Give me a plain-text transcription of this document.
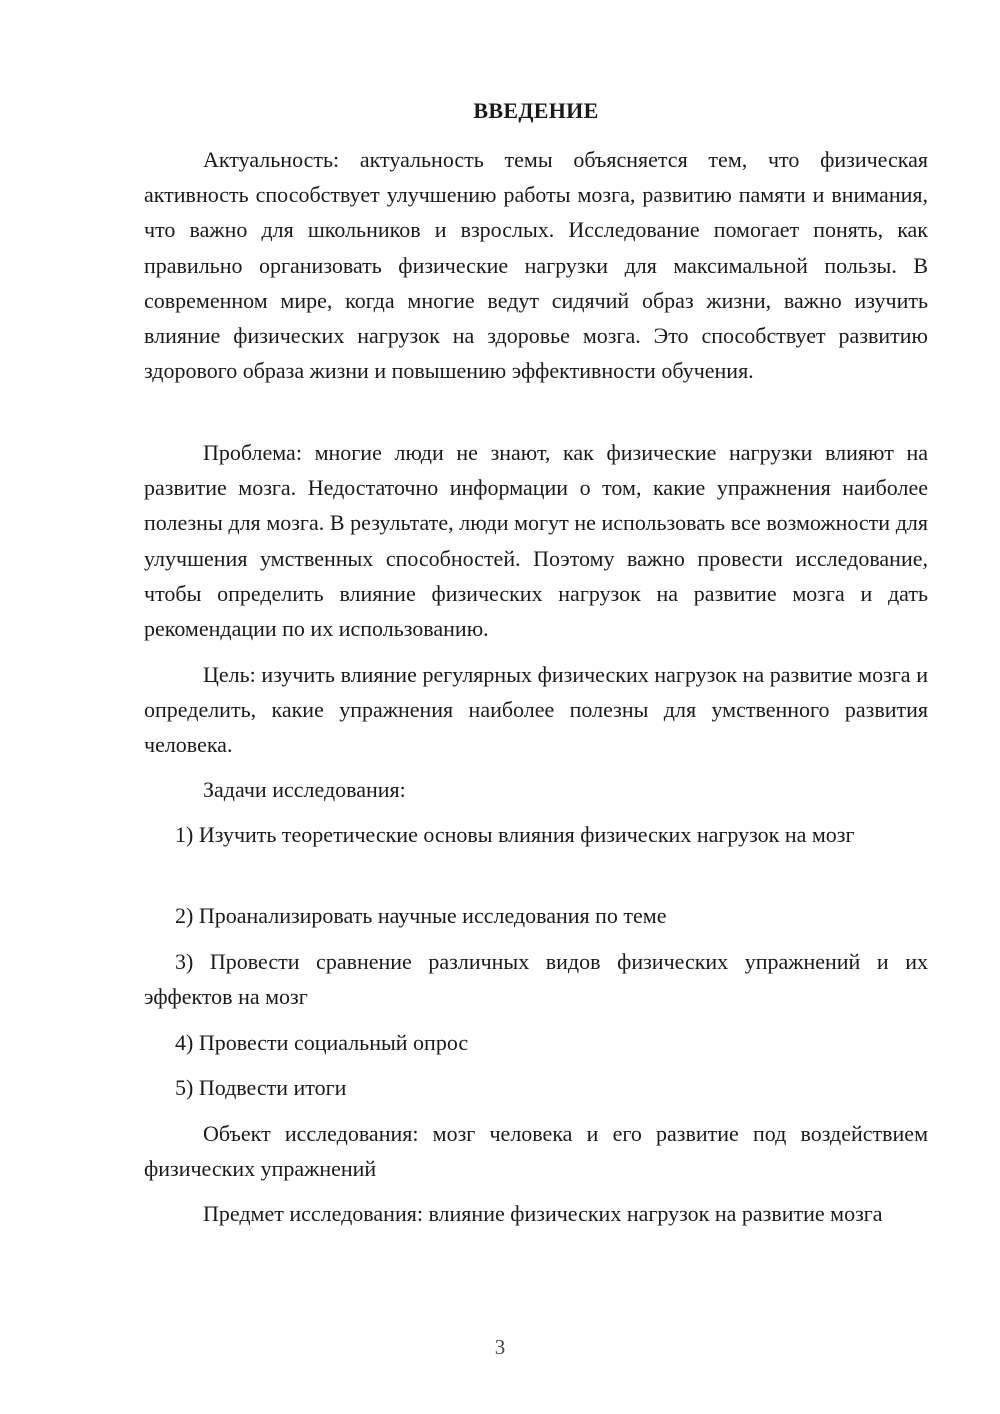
ВВЕДЕНИЕ

Актуальность: актуальность темы объясняется тем, что физическая активность способствует улучшению работы мозга, развитию памяти и внимания, что важно для школьников и взрослых. Исследование помогает понять, как правильно организовать физические нагрузки для максимальной пользы. В современном мире, когда многие ведут сидячий образ жизни, важно изучить влияние физических нагрузок на здоровье мозга. Это способствует развитию здорового образа жизни и повышению эффективности обучения.

Проблема: многие люди не знают, как физические нагрузки влияют на развитие мозга. Недостаточно информации о том, какие упражнения наиболее полезны для мозга. В результате, люди могут не использовать все возможности для улучшения умственных способностей. Поэтому важно провести исследование, чтобы определить влияние физических нагрузок на развитие мозга и дать рекомендации по их использованию.

Цель: изучить влияние регулярных физических нагрузок на развитие мозга и определить, какие упражнения наиболее полезны для умственного развития человека.

Задачи исследования:

1) Изучить теоретические основы влияния физических нагрузок на мозг

2) Проанализировать научные исследования по теме

3) Провести сравнение различных видов физических упражнений и их эффектов на мозг

4) Провести социальный опрос

5) Подвести итоги

Объект исследования: мозг человека и его развитие под воздействием физических упражнений

Предмет исследования: влияние физических нагрузок на развитие мозга

3
